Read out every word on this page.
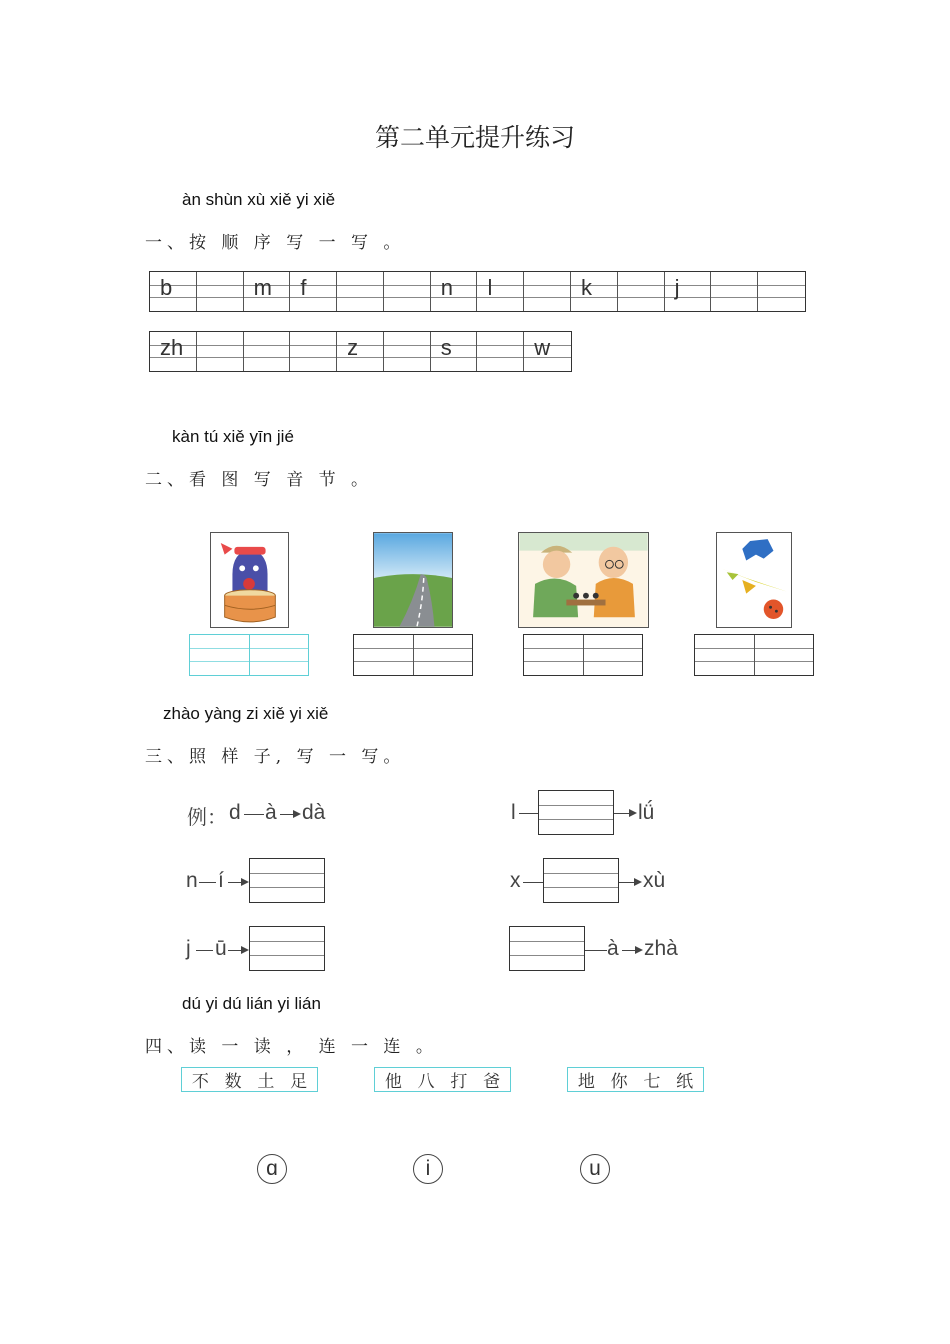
第二单元提升练习
àn shùn xù xiě yi xiě
一、按 顺 序 写 一 写 。
b	m f	n l	k	j
zh	z	s	w
kàn tú xiě yīn jié
二、看 图 写 音 节 。
zhào yàng zi xiě yi xiě
三、照 样 子, 写 一 写。
例： d à dà	l	lǘ
n í	x	xù
j ū	à zhà
dú yi dú lián yi lián
四、读 一 读 ， 连 一 连 。
不 数 土 足	他 八 打 爸	地 你 七 纸
ɑ	i	u
